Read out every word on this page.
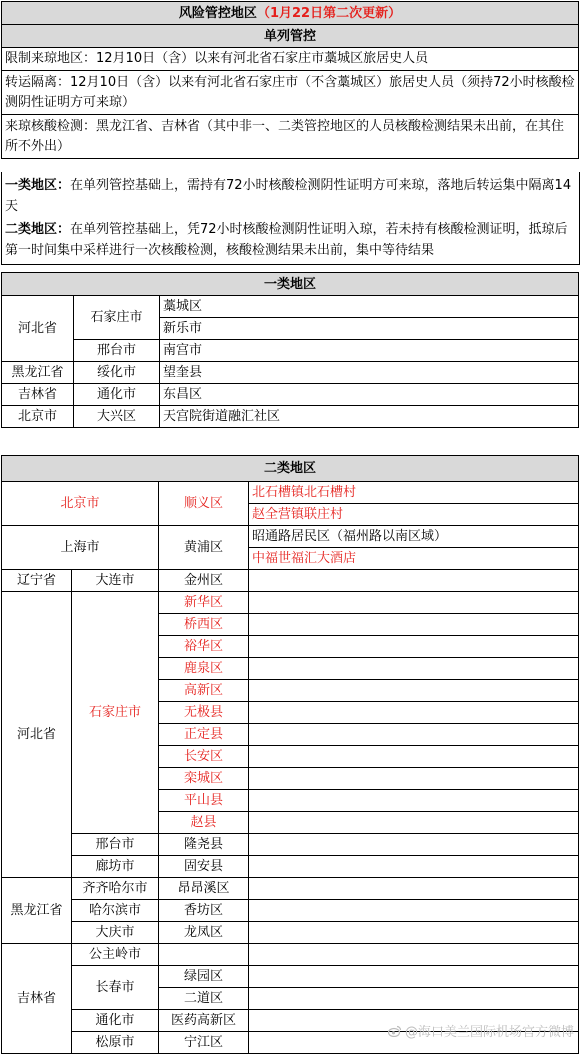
风险管控地区（1月22日第二次更新）
单列管控
限制来琼地区：12月10日（含）以来有河北省石家庄市藁城区旅居史人员
转运隔离：12月10日（含）以来有河北省石家庄市（不含藁城区）旅居史人员（须持72小时核酸检测阴性证明方可来琼）
来琼核酸检测：黑龙江省、吉林省（其中非一、二类管控地区的人员核酸检测结果未出前，在其住所不外出）

一类地区：在单列管控基础上，需持有72小时核酸检测阴性证明方可来琼，落地后转运集中隔离14天

二类地区：在单列管控基础上，凭72小时核酸检测阴性证明入琼，若未持有核酸检测证明，抵琼后第一时间集中采样进行一次核酸检测，核酸检测结果未出前，集中等待结果

一类地区		
河北省	石家庄市	藁城区
		新乐市
	邢台市	南宫市
黑龙江省	绥化市	望奎县
吉林省	通化市	东昌区
北京市	大兴区	天宫院街道融汇社区
二类地区			
北京市		顺义区	北石槽镇北石槽村
			赵全营镇联庄村
上海市		黄浦区	昭通路居民区（福州路以南区域）
			中福世福汇大酒店
辽宁省	大连市	金州区	
河北省	石家庄市	新华区	
		桥西区	
		裕华区	
		鹿泉区	
		高新区	
		无极县	
		正定县	
		长安区	
		栾城区	
		平山县	
		赵县	
	邢台市	隆尧县	
	廊坊市	固安县	
黑龙江省	齐齐哈尔市	昂昂溪区	
	哈尔滨市	香坊区	
	大庆市	龙凤区	
吉林省	公主岭市		
	长春市	绿园区	
		二道区	
	通化市	医药高新区	
	松原市	宁江区	
@海口美兰国际机场官方微博
